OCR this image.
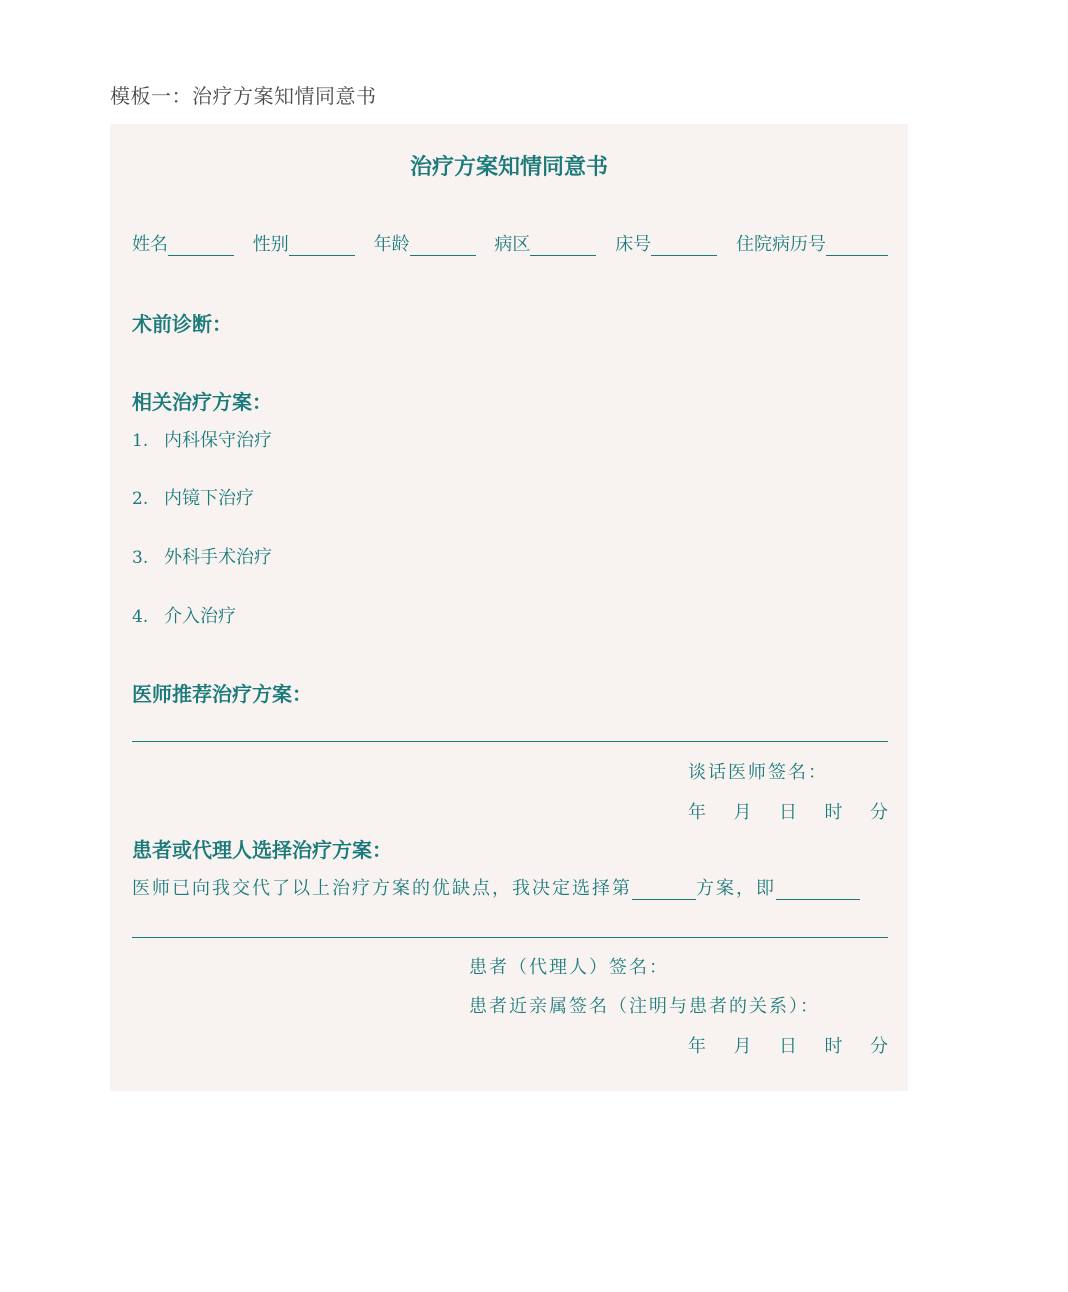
模板一：治疗方案知情同意书
治疗方案知情同意书
姓名	性别	年龄	病区	床号	住院病历号
术前诊断：
相关治疗方案：
1. 内科保守治疗
2. 内镜下治疗
3. 外科手术治疗
4. 介入治疗
医师推荐治疗方案：
谈话医师签名：
年 月 日 时 分
患者或代理人选择治疗方案：
医师已向我交代了以上治疗方案的优缺点，我决定选择第	方案，即
患者（代理人）签名：
患者近亲属签名（注明与患者的关系）：
年 月 日 时 分
